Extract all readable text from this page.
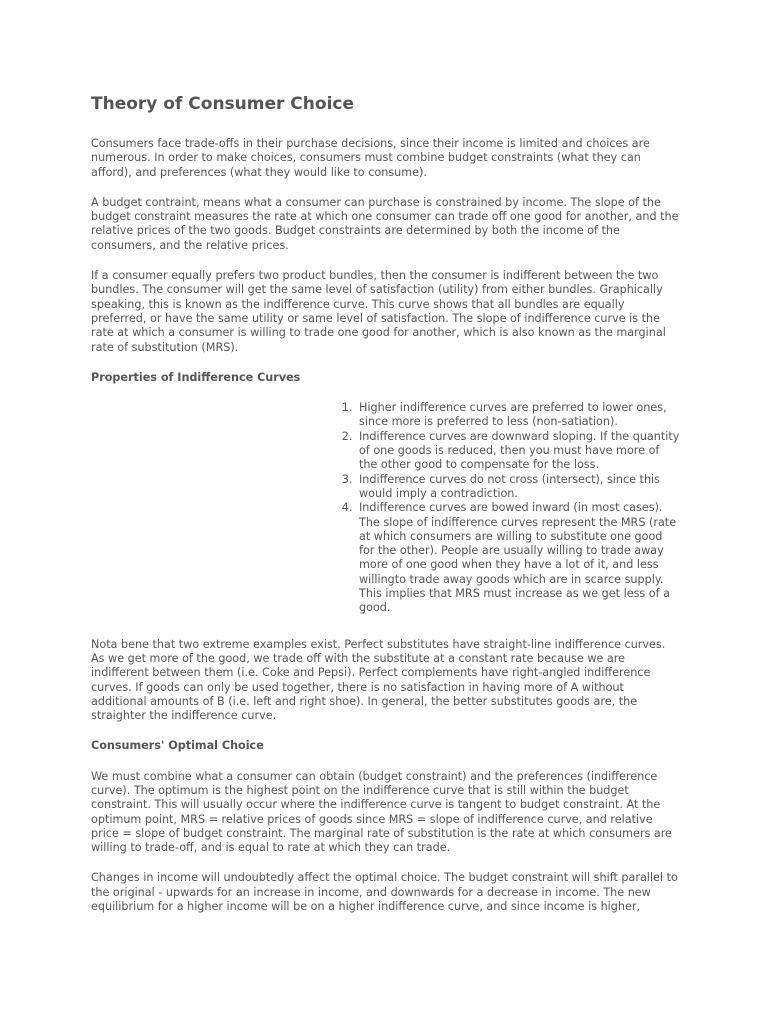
Theory of Consumer Choice

Consumers face trade-offs in their purchase decisions, since their income is limited and choices are numerous. In order to make choices, consumers must combine budget constraints (what they can afford), and preferences (what they would like to consume).

A budget contraint, means what a consumer can purchase is constrained by income. The slope of the budget constraint measures the rate at which one consumer can trade off one good for another, and the relative prices of the two goods. Budget constraints are determined by both the income of the consumers, and the relative prices.

If a consumer equally prefers two product bundles, then the consumer is indifferent between the two bundles. The consumer will get the same level of satisfaction (utility) from either bundles. Graphically speaking, this is known as the indifference curve. This curve shows that all bundles are equally preferred, or have the same utility or same level of satisfaction. The slope of indifference curve is the rate at which a consumer is willing to trade one good for another, which is also known as the marginal rate of substitution (MRS).

Properties of Indifference Curves
1. Higher indifference curves are preferred to lower ones, since more is preferred to less (non-satiation).
2. Indifference curves are downward sloping. If the quantity of one goods is reduced, then you must have more of the other good to compensate for the loss.
3. Indifference curves do not cross (intersect), since this would imply a contradiction.
4. Indifference curves are bowed inward (in most cases). The slope of indifference curves represent the MRS (rate at which consumers are willing to substitute one good for the other). People are usually willing to trade away more of one good when they have a lot of it, and less willingto trade away goods which are in scarce supply. This implies that MRS must increase as we get less of a good.

Nota bene that two extreme examples exist. Perfect substitutes have straight-line indifference curves. As we get more of the good, we trade off with the substitute at a constant rate because we are indifferent between them (i.e. Coke and Pepsi). Perfect complements have right-angled indifference curves. If goods can only be used together, there is no satisfaction in having more of A without additional amounts of B (i.e. left and right shoe). In general, the better substitutes goods are, the straighter the indifference curve.

Consumers' Optimal Choice

We must combine what a consumer can obtain (budget constraint) and the preferences (indifference curve). The optimum is the highest point on the indifference curve that is still within the budget constraint. This will usually occur where the indifference curve is tangent to budget constraint. At the optimum point, MRS = relative prices of goods since MRS = slope of indifference curve, and relative price = slope of budget constraint. The marginal rate of substitution is the rate at which consumers are willing to trade-off, and is equal to rate at which they can trade.

Changes in income will undoubtedly affect the optimal choice. The budget constraint will shift parallel to the original - upwards for an increase in income, and downwards for a decrease in income. The new equilibrium for a higher income will be on a higher indifference curve, and since income is higher,
